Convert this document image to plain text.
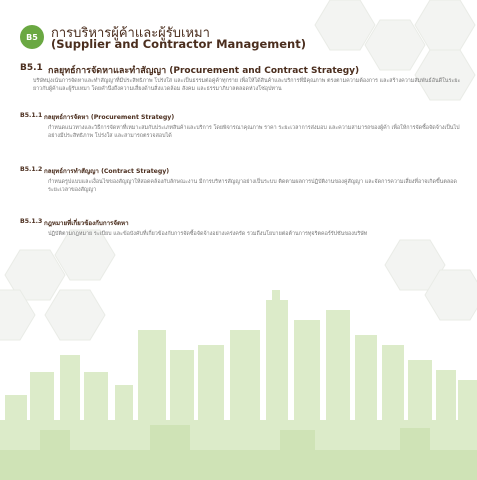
B5	การบริหารผู้ค้าและผู้รับเหมา
(Supplier and Contractor Management)
B5.1 กลยุทธ์การจัดหาและทำสัญญา (Procurement and Contract Strategy)
บริษัทมุ่งเน้นการจัดหาและทำสัญญาที่มีประสิทธิภาพ โปร่งใส และเป็นธรรมต่อคู่ค้าทุกราย เพื่อให้ได้สินค้าและบริการที่มีคุณภาพ ตรงตามความต้องการ และสร้างความสัมพันธ์อันดีในระยะยาวกับผู้ค้าและผู้รับเหมา โดยคำนึงถึงความเสี่ยงด้านสิ่งแวดล้อม สังคม และธรรมาภิบาลตลอดห่วงโซ่อุปทาน
B5.1.1 กลยุทธ์การจัดหา (Procurement Strategy)
กำหนดแนวทางและวิธีการจัดหาที่เหมาะสมกับประเภทสินค้าและบริการ โดยพิจารณาคุณภาพ ราคา ระยะเวลาการส่งมอบ และความสามารถของผู้ค้า เพื่อให้การจัดซื้อจัดจ้างเป็นไปอย่างมีประสิทธิภาพ โปร่งใส และสามารถตรวจสอบได้
B5.1.2 กลยุทธ์การทำสัญญา (Contract Strategy)
กำหนดรูปแบบและเงื่อนไขของสัญญาให้สอดคล้องกับลักษณะงาน มีการบริหารสัญญาอย่างเป็นระบบ ติดตามผลการปฏิบัติงานของคู่สัญญา และจัดการความเสี่ยงที่อาจเกิดขึ้นตลอดระยะเวลาของสัญญา
B5.1.3 กฎหมายที่เกี่ยวข้องกับการจัดหา
ปฏิบัติตามกฎหมาย ระเบียบ และข้อบังคับที่เกี่ยวข้องกับการจัดซื้อจัดจ้างอย่างเคร่งครัด รวมถึงนโยบายต่อต้านการทุจริตคอร์รัปชันของบริษัท
